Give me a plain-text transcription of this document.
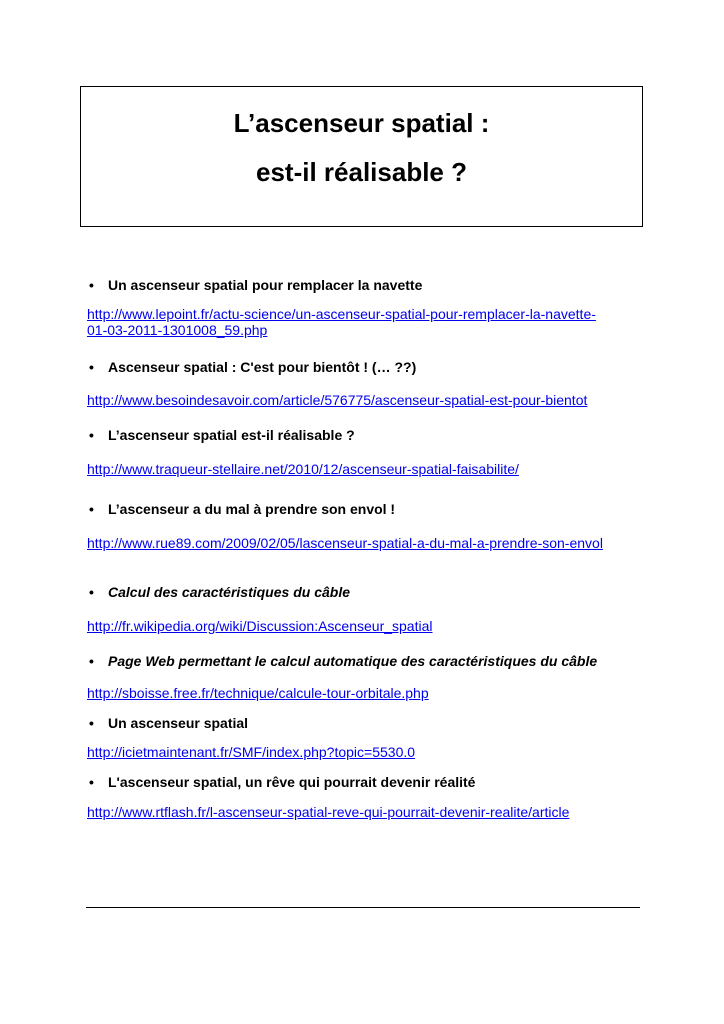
L’ascenseur spatial :
est-il réalisable ?
• Un ascenseur spatial pour remplacer la navette
http://www.lepoint.fr/actu-science/un-ascenseur-spatial-pour-remplacer-la-navette-
01-03-2011-1301008_59.php
• Ascenseur spatial : C'est pour bientôt ! (… ??)
http://www.besoindesavoir.com/article/576775/ascenseur-spatial-est-pour-bientot
• L’ascenseur spatial est-il réalisable ?
http://www.traqueur-stellaire.net/2010/12/ascenseur-spatial-faisabilite/
• L’ascenseur a du mal à prendre son envol !
http://www.rue89.com/2009/02/05/lascenseur-spatial-a-du-mal-a-prendre-son-envol
• Calcul des caractéristiques du câble
http://fr.wikipedia.org/wiki/Discussion:Ascenseur_spatial
• Page Web permettant le calcul automatique des caractéristiques du câble
http://sboisse.free.fr/technique/calcule-tour-orbitale.php
• Un ascenseur spatial
http://icietmaintenant.fr/SMF/index.php?topic=5530.0
• L'ascenseur spatial, un rêve qui pourrait devenir réalité
http://www.rtflash.fr/l-ascenseur-spatial-reve-qui-pourrait-devenir-realite/article
